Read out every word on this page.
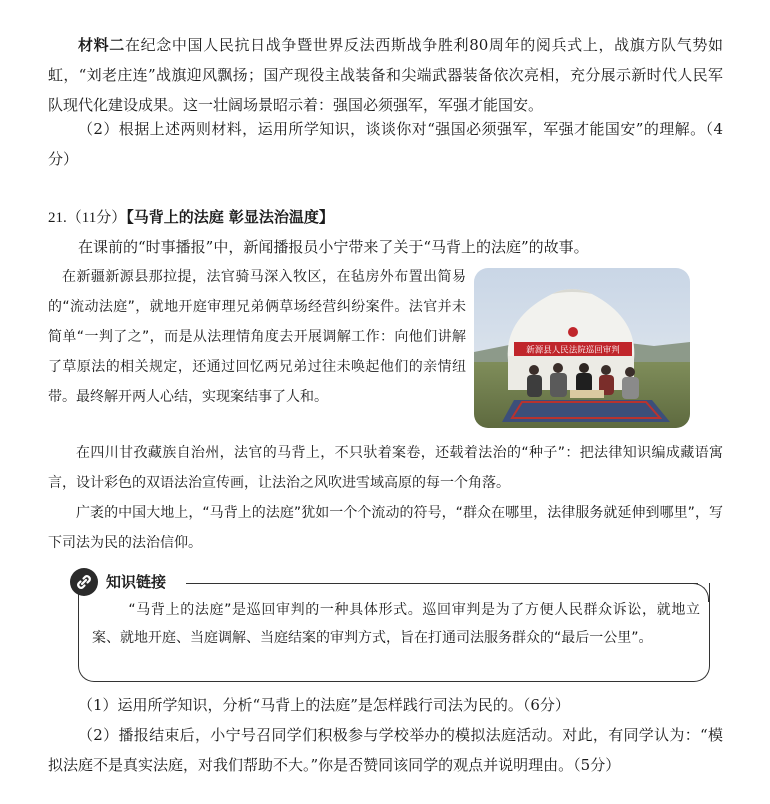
材料二在纪念中国人民抗日战争暨世界反法西斯战争胜利80周年的阅兵式上，战旗方队气势如虹，“刘老庄连”战旗迎风飘扬；国产现役主战装备和尖端武器装备依次亮相，充分展示新时代人民军队现代化建设成果。这一壮阔场景昭示着：强国必须强军，军强才能国安。

（2）根据上述两则材料，运用所学知识，谈谈你对“强国必须强军，军强才能国安”的理解。（4分）

21.（11分）【马背上的法庭 彰显法治温度】

在课前的“时事播报”中，新闻播报员小宁带来了关于“马背上的法庭”的故事。

在新疆新源县那拉提，法官骑马深入牧区，在毡房外布置出简易的“流动法庭”，就地开庭审理兄弟俩草场经营纠纷案件。法官并未简单“一判了之”，而是从法理情角度去开展调解工作：向他们讲解了草原法的相关规定，还通过回忆两兄弟过往未唤起他们的亲情纽带。最终解开两人心结，实现案结事了人和。

新源县人民法院巡回审判

在四川甘孜藏族自治州，法官的马背上，不只驮着案卷，还载着法治的“种子”：把法律知识编成藏语寓言，设计彩色的双语法治宣传画，让法治之风吹进雪域高原的每一个角落。

广袤的中国大地上，“马背上的法庭”犹如一个个流动的符号，“群众在哪里，法律服务就延伸到哪里”，写下司法为民的法治信仰。

知识链接

“马背上的法庭”是巡回审判的一种具体形式。巡回审判是为了方便人民群众诉讼，就地立案、就地开庭、当庭调解、当庭结案的审判方式，旨在打通司法服务群众的“最后一公里”。

（1）运用所学知识，分析“马背上的法庭”是怎样践行司法为民的。（6分）

（2）播报结束后，小宁号召同学们积极参与学校举办的模拟法庭活动。对此，有同学认为：“模拟法庭不是真实法庭，对我们帮助不大。”你是否赞同该同学的观点并说明理由。（5分）
